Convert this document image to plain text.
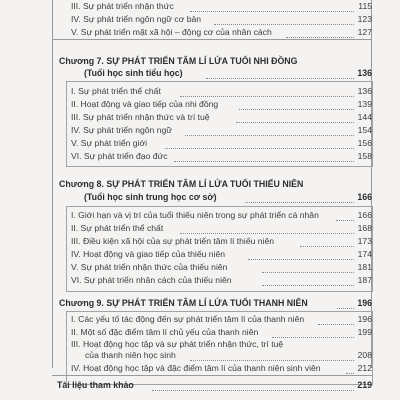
III. Sự phát triển nhận thức	115
IV. Sự phát triển ngôn ngữ cơ bản	123
V. Sự phát triển mặt xã hội – động cơ của nhân cách	127
Chương 7. SỰ PHÁT TRIỂN TÂM LÍ LỨA TUỔI NHI ĐỒNG
(Tuổi học sinh tiểu học)	136
I. Sự phát triển thể chất	136
II. Hoạt động và giao tiếp của nhi đồng	139
III. Sự phát triển nhận thức và trí tuệ	144
IV. Sự phát triển ngôn ngữ	154
V. Sự phát triển giới	156
VI. Sự phát triển đạo đức	158
Chương 8. SỰ PHÁT TRIỂN TÂM LÍ LỨA TUỔI THIẾU NIÊN
(Tuổi học sinh trung học cơ sở)	166
I. Giới hạn và vị trí của tuổi thiếu niên trong sự phát triển cá nhân	166
II. Sự phát triển thể chất	168
III. Điều kiện xã hội của sự phát triển tâm lí thiếu niên	173
IV. Hoạt động và giao tiếp của thiếu niên	174
V. Sự phát triển nhận thức của thiếu niên	181
VI. Sự phát triển nhân cách của thiếu niên	187
Chương 9. SỰ PHÁT TRIỂN TÂM LÍ LỨA TUỔI THANH NIÊN	196
I. Các yếu tố tác động đến sự phát triển tâm lí của thanh niên	196
II. Một số đặc điểm tâm lí chủ yếu của thanh niên	199
III. Hoạt động học tập và sự phát triển nhận thức, trí tuệ
của thanh niên học sinh	208
IV. Hoạt động học tập và đặc điểm tâm lí của thanh niên sinh viên	212
Tài liệu tham khảo	219
